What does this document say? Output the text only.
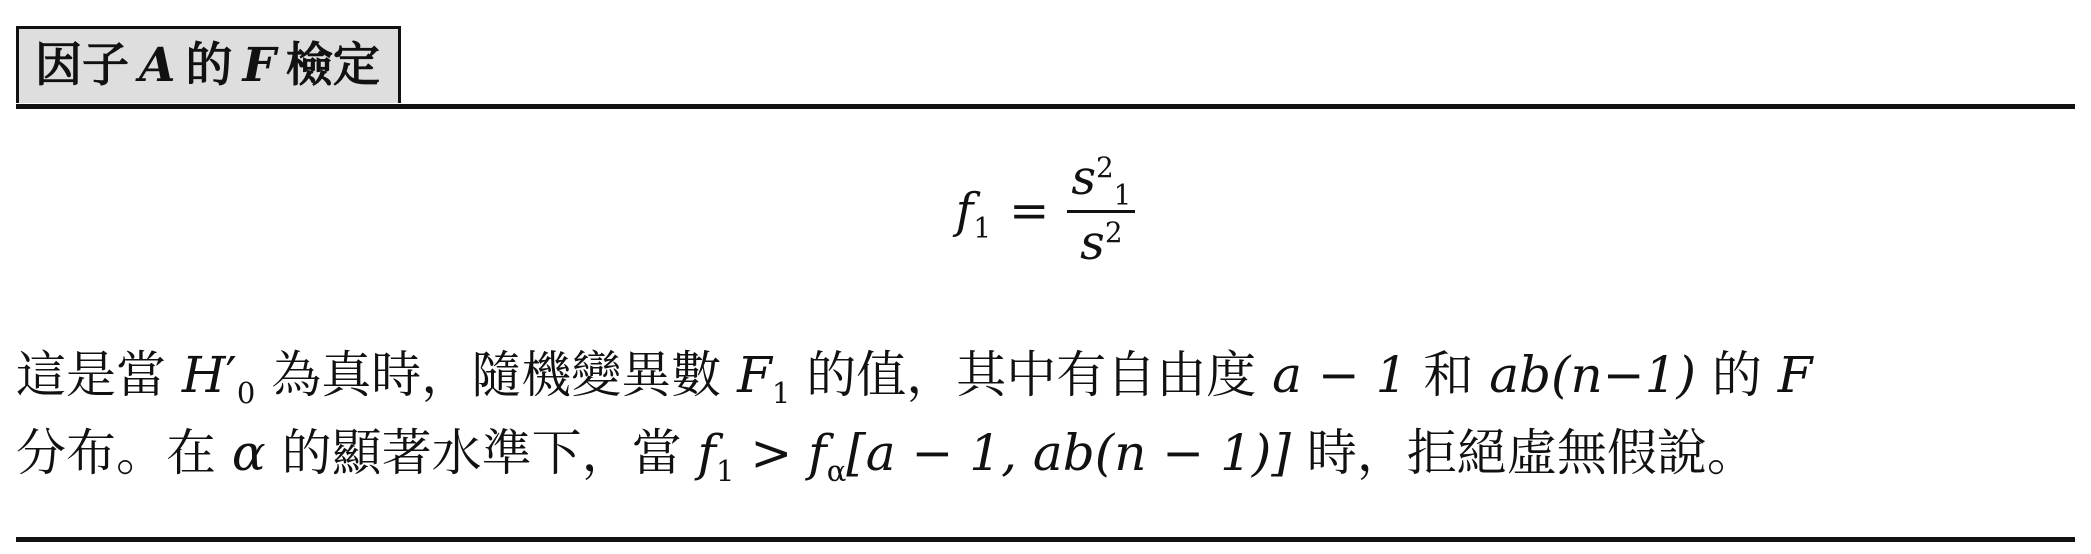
因子 A 的 F 檢定
$f_1 = \frac{s^2_1}{s^2}$
這是當 $H'_0$ 為真時，隨機變異數 $F_1$ 的值，其中有自由度 a − 1 和 ab(n−1) 的 F
分布。在 α 的顯著水準下，當 $f_1 > f_\alpha[a - 1$, ab(n − 1)] 時，拒絕虛無假說。
